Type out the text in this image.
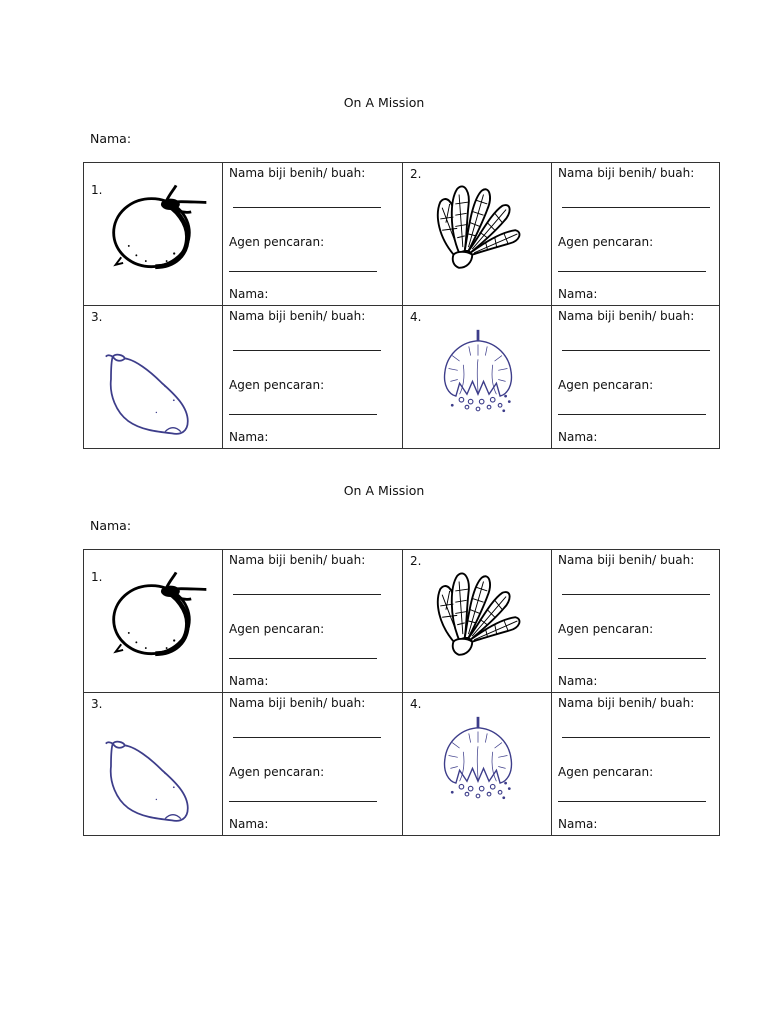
On A Mission
Nama:
1.	Nama biji benih/ buah:
Agen pencaran:
Nama:	2.	Nama biji benih/ buah:
Agen pencaran:
Nama:

3.	Nama biji benih/ buah:
Agen pencaran:
Nama:	4.	Nama biji benih/ buah:
Agen pencaran:
Nama:
On A Mission
Nama:
1.	Nama biji benih/ buah:
Agen pencaran:
Nama:	2.	Nama biji benih/ buah:
Agen pencaran:
Nama:

3.	Nama biji benih/ buah:
Agen pencaran:
Nama:	4.	Nama biji benih/ buah:
Agen pencaran:
Nama:
